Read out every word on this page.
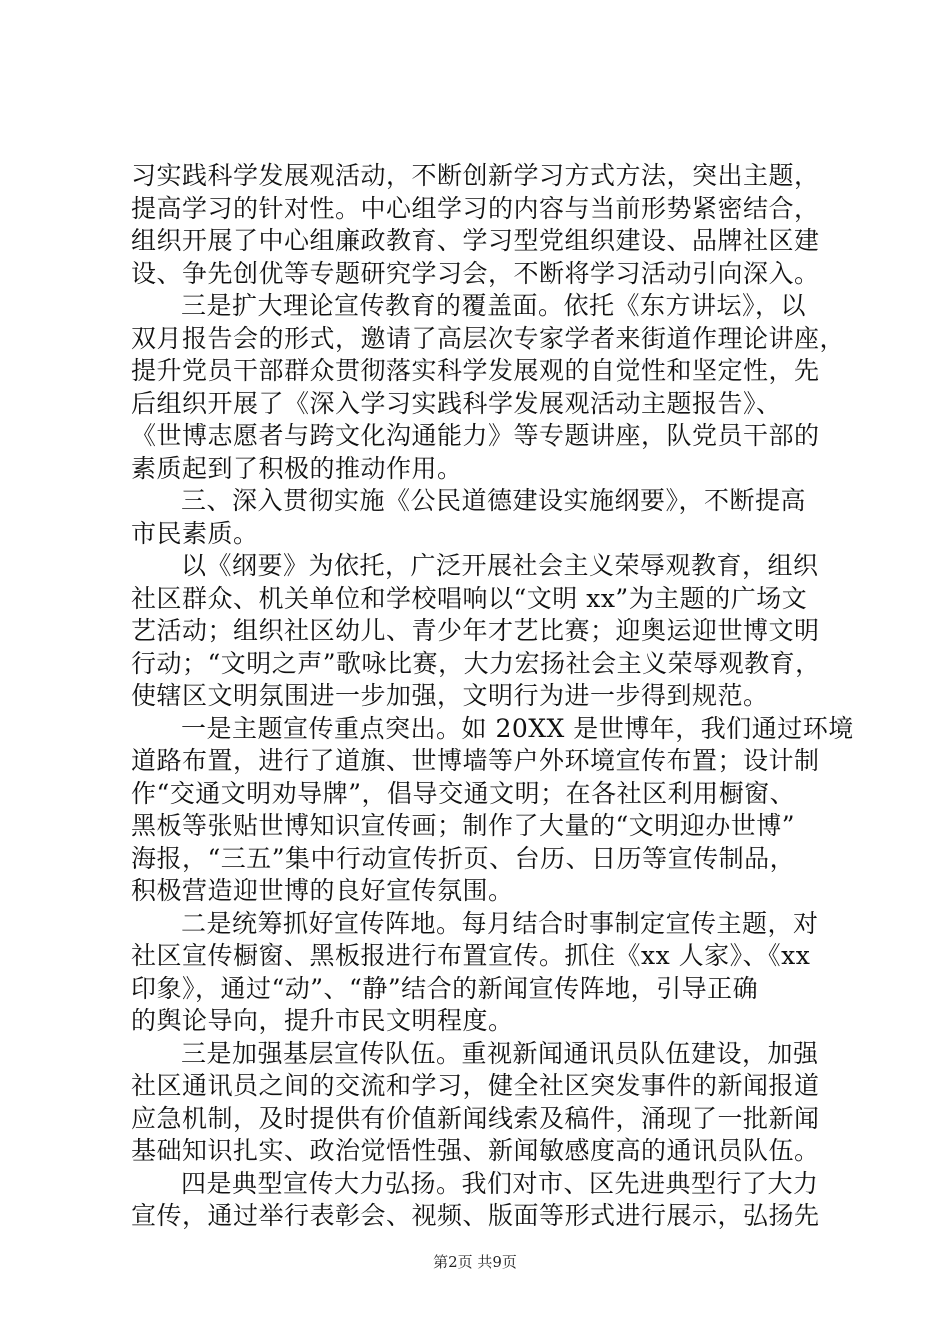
习实践科学发展观活动，不断创新学习方式方法，突出主题，
提高学习的针对性。中心组学习的内容与当前形势紧密结合，
组织开展了中心组廉政教育、学习型党组织建设、品牌社区建
设、争先创优等专题研究学习会，不断将学习活动引向深入。
三是扩大理论宣传教育的覆盖面。依托《东方讲坛》，以
双月报告会的形式，邀请了高层次专家学者来街道作理论讲座，
提升党员干部群众贯彻落实科学发展观的自觉性和坚定性，先
后组织开展了《深入学习实践科学发展观活动主题报告》、
《世博志愿者与跨文化沟通能力》等专题讲座，队党员干部的
素质起到了积极的推动作用。
三、深入贯彻实施《公民道德建设实施纲要》，不断提高
市民素质。
以《纲要》为依托，广泛开展社会主义荣辱观教育，组织
社区群众、机关单位和学校唱响以“文明 xx”为主题的广场文
艺活动；组织社区幼儿、青少年才艺比赛；迎奥运迎世博文明
行动；“文明之声”歌咏比赛，大力宏扬社会主义荣辱观教育，
使辖区文明氛围进一步加强，文明行为进一步得到规范。
一是主题宣传重点突出。如 20XX 是世博年，我们通过环境
道路布置，进行了道旗、世博墙等户外环境宣传布置；设计制
作“交通文明劝导牌”，倡导交通文明；在各社区利用橱窗、
黑板等张贴世博知识宣传画；制作了大量的“文明迎办世博”
海报，“三五”集中行动宣传折页、台历、日历等宣传制品，
积极营造迎世博的良好宣传氛围。
二是统筹抓好宣传阵地。每月结合时事制定宣传主题，对
社区宣传橱窗、黑板报进行布置宣传。抓住《xx 人家》、《xx
印象》，通过“动”、“静”结合的新闻宣传阵地，引导正确
的舆论导向，提升市民文明程度。
三是加强基层宣传队伍。重视新闻通讯员队伍建设，加强
社区通讯员之间的交流和学习，健全社区突发事件的新闻报道
应急机制，及时提供有价值新闻线索及稿件，涌现了一批新闻
基础知识扎实、政治觉悟性强、新闻敏感度高的通讯员队伍。
四是典型宣传大力弘扬。我们对市、区先进典型行了大力
宣传，通过举行表彰会、视频、版面等形式进行展示，弘扬先
第2页 共9页
